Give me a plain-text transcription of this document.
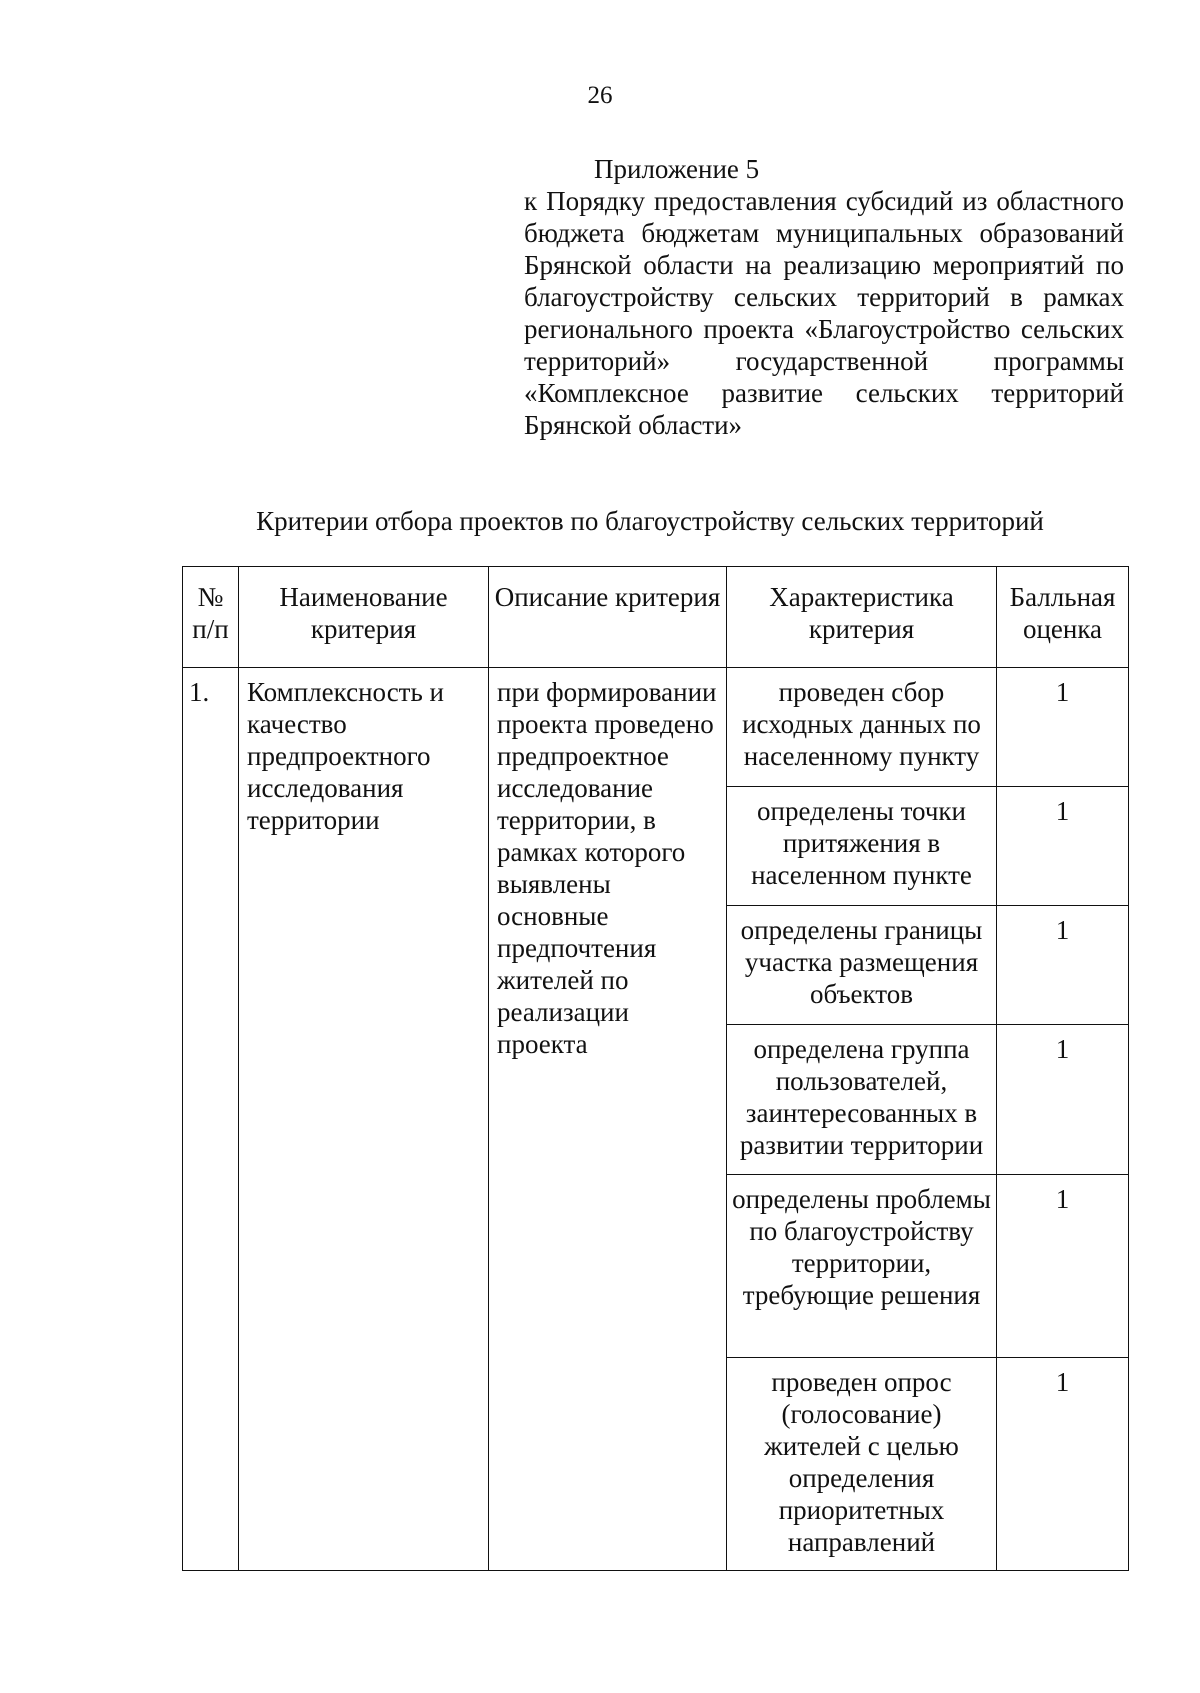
26
Приложение 5
к Порядку предоставления субсидий из областного бюджета бюджетам муниципальных образований Брянской области на реализацию мероприятий по благоустройству сельских территорий в рамках регионального проекта «Благоустройство сельских территорий» государственной программы «Комплексное развитие сельских территорий Брянской области»
Критерии отбора проектов по благоустройству сельских территорий
№ п/п	Наименование критерия	Описание критерия	Характеристика критерия	Балльная оценка
1.	Комплексность и качество предпроектного исследования территории	при формировании проекта проведено предпроектное исследование территории, в рамках которого выявлены основные предпочтения жителей по реализации проекта	проведен сбор исходных данных по населенному пункту	1
			определены точки притяжения в населенном пункте	1
			определены границы участка размещения объектов	1
			определена группа пользователей, заинтересованных в развитии территории	1
			определены проблемы по благоустройству территории, требующие решения	1
			проведен опрос (голосование) жителей с целью определения приоритетных направлений	1
